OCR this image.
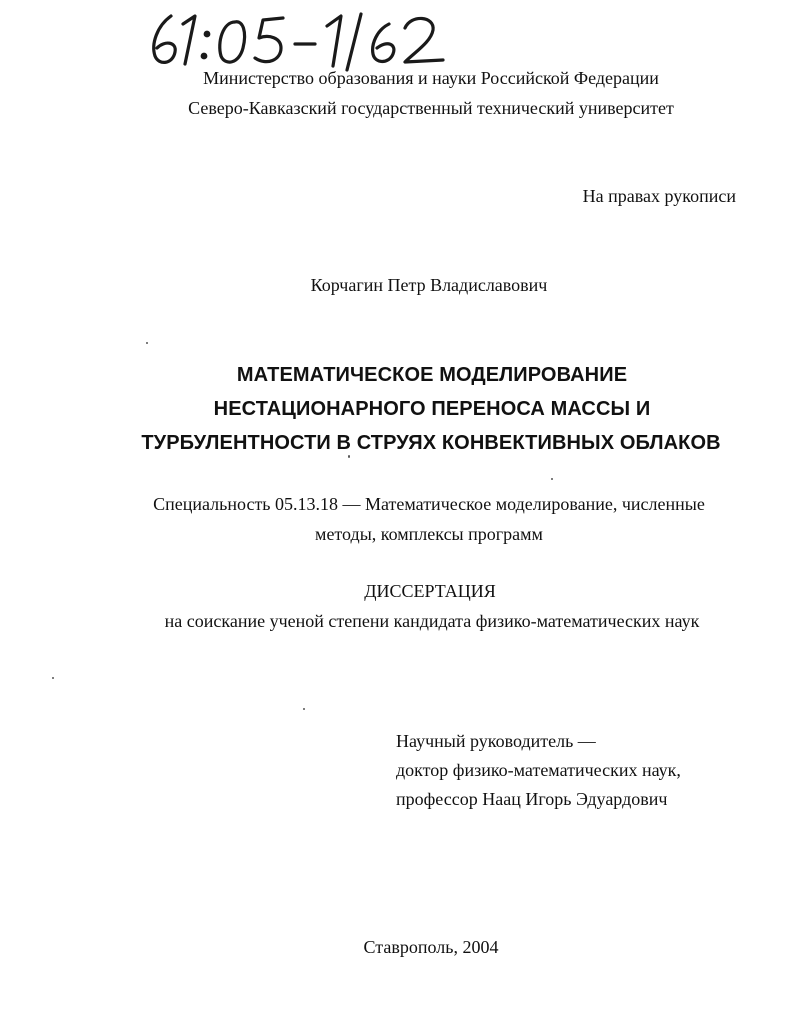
Министерство образования и науки Российской Федерации
Северо-Кавказский государственный технический университет
На правах рукописи
Корчагин Петр Владиславович
МАТЕМАТИЧЕСКОЕ МОДЕЛИРОВАНИЕ
НЕСТАЦИОНАРНОГО ПЕРЕНОСА МАССЫ И
ТУРБУЛЕНТНОСТИ В СТРУЯХ КОНВЕКТИВНЫХ ОБЛАКОВ
Специальность 05.13.18 — Математическое моделирование, численные
методы, комплексы программ
ДИССЕРТАЦИЯ
на соискание ученой степени кандидата физико-математических наук
Научный руководитель —
доктор физико-математических наук,
профессор Наац Игорь Эдуардович
Ставрополь, 2004
